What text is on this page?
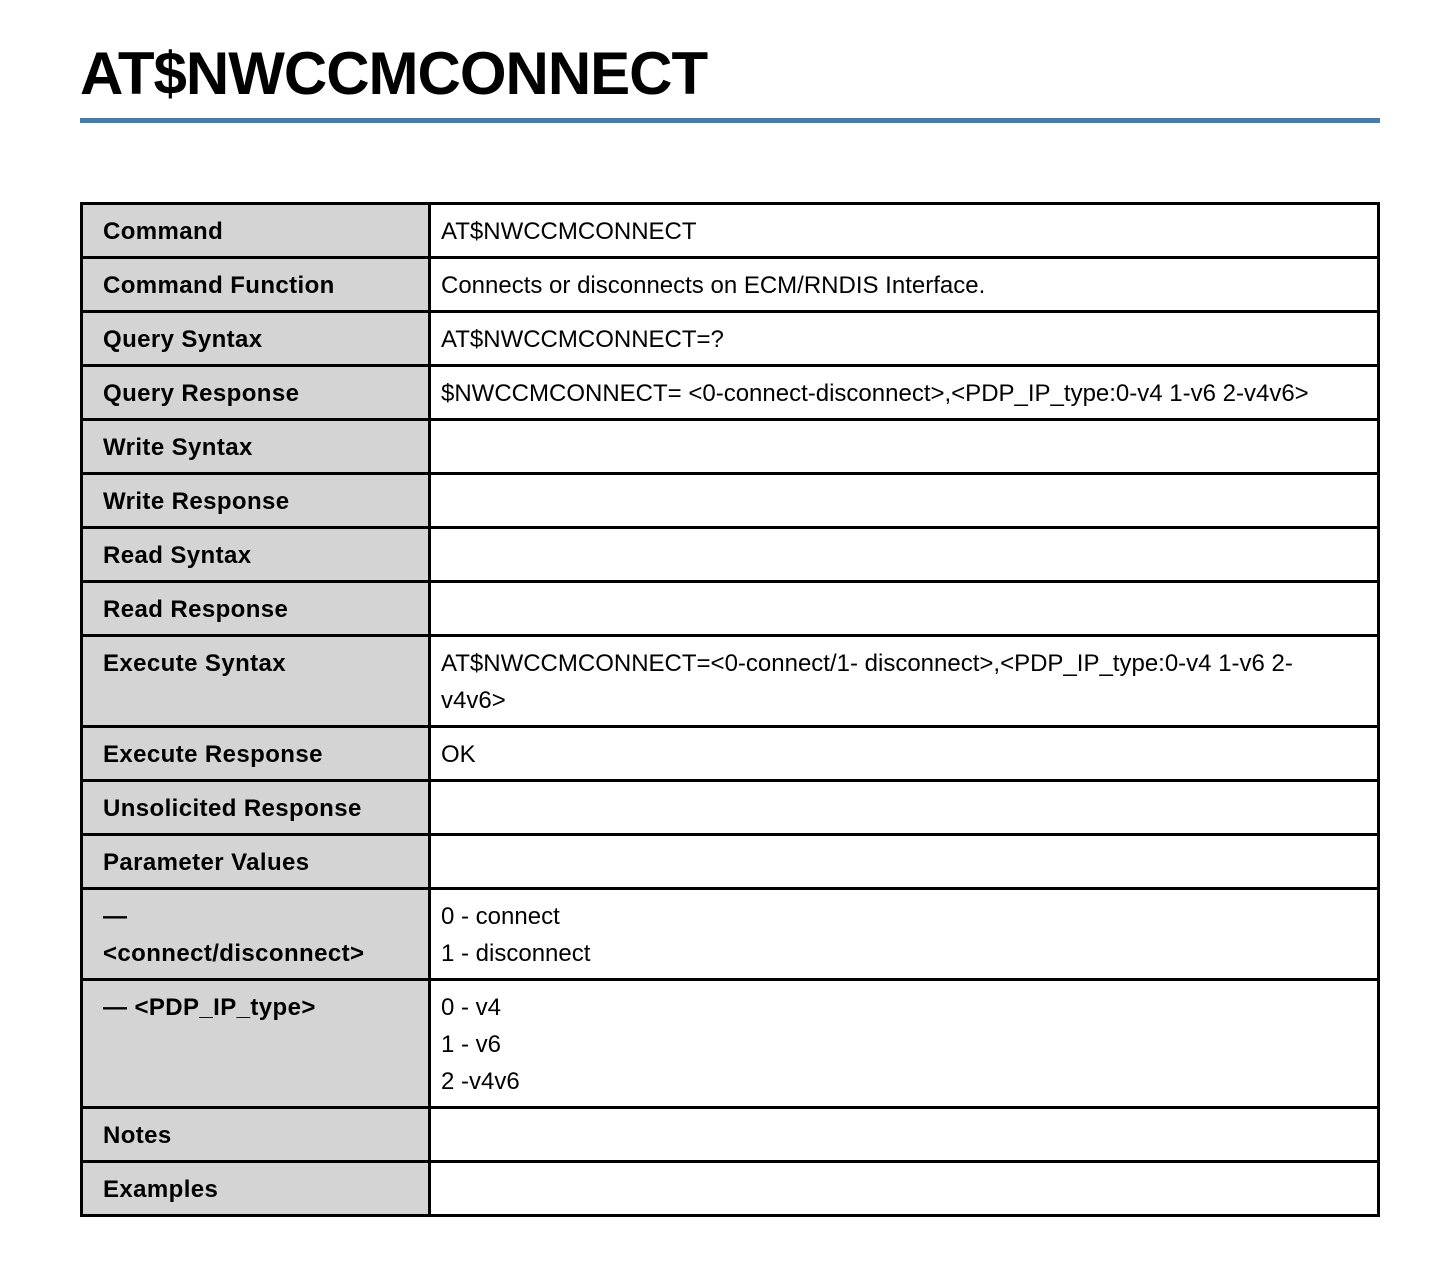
AT$NWCCMCONNECT
Command	AT$NWCCMCONNECT

Command Function	Connects or disconnects on ECM/RNDIS Interface.

Query Syntax	AT$NWCCMCONNECT=?

Query Response	$NWCCMCONNECT= <0-connect-disconnect>,<PDP_IP_type:0-v4 1-v6 2-v4v6>

Write Syntax	

Write Response	

Read Syntax	

Read Response	

Execute Syntax	AT$NWCCMCONNECT=<0-connect/1- disconnect>,<PDP_IP_type:0-v4 1-v6 2-
v4v6>

Execute Response	OK

Unsolicited Response	

Parameter Values	

—
<connect/disconnect>	0 - connect
1 - disconnect

— <PDP_IP_type>	0 - v4
1 - v6
2 -v4v6

Notes	

Examples	
